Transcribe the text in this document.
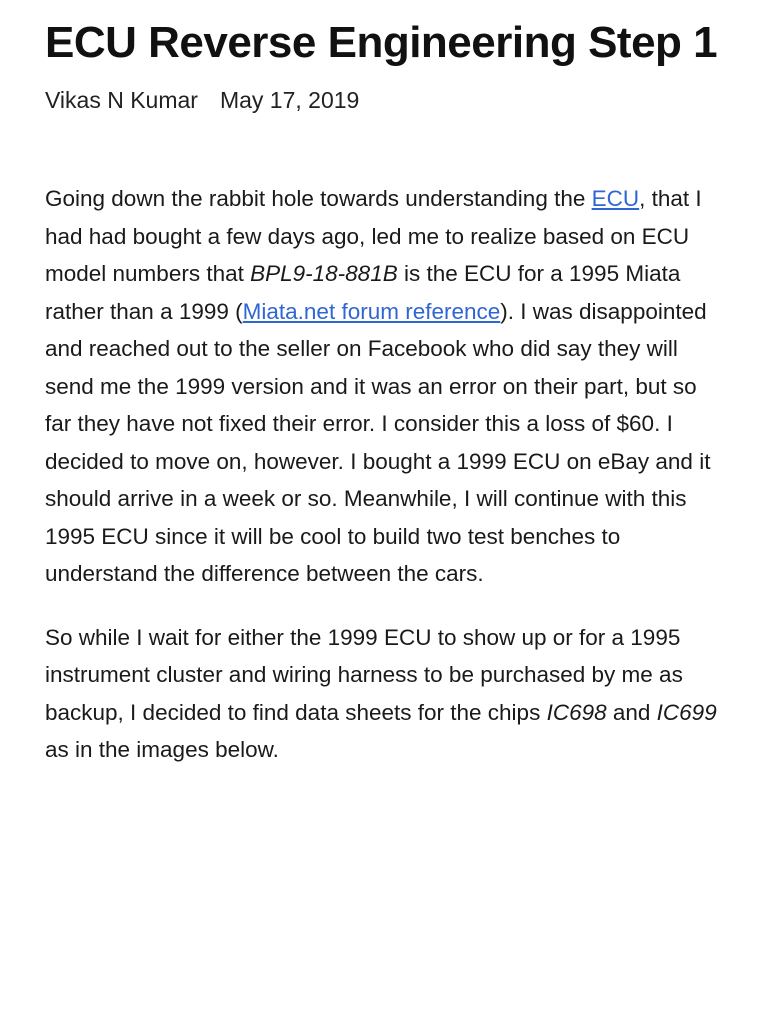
ECU Reverse Engineering Step 1
Vikas N Kumar May 17, 2019

Going down the rabbit hole towards understanding the ECU, that I had had bought a few days ago, led me to realize based on ECU model numbers that BPL9-18-881B is the ECU for a 1995 Miata rather than a 1999 (Miata.net forum reference). I was disappointed and reached out to the seller on Facebook who did say they will send me the 1999 version and it was an error on their part, but so far they have not fixed their error. I consider this a loss of $60. I decided to move on, however. I bought a 1999 ECU on eBay and it should arrive in a week or so. Meanwhile, I will continue with this 1995 ECU since it will be cool to build two test benches to understand the difference between the cars.

So while I wait for either the 1999 ECU to show up or for a 1995 instrument cluster and wiring harness to be purchased by me as backup, I decided to find data sheets for the chips IC698 and IC699 as in the images below.
